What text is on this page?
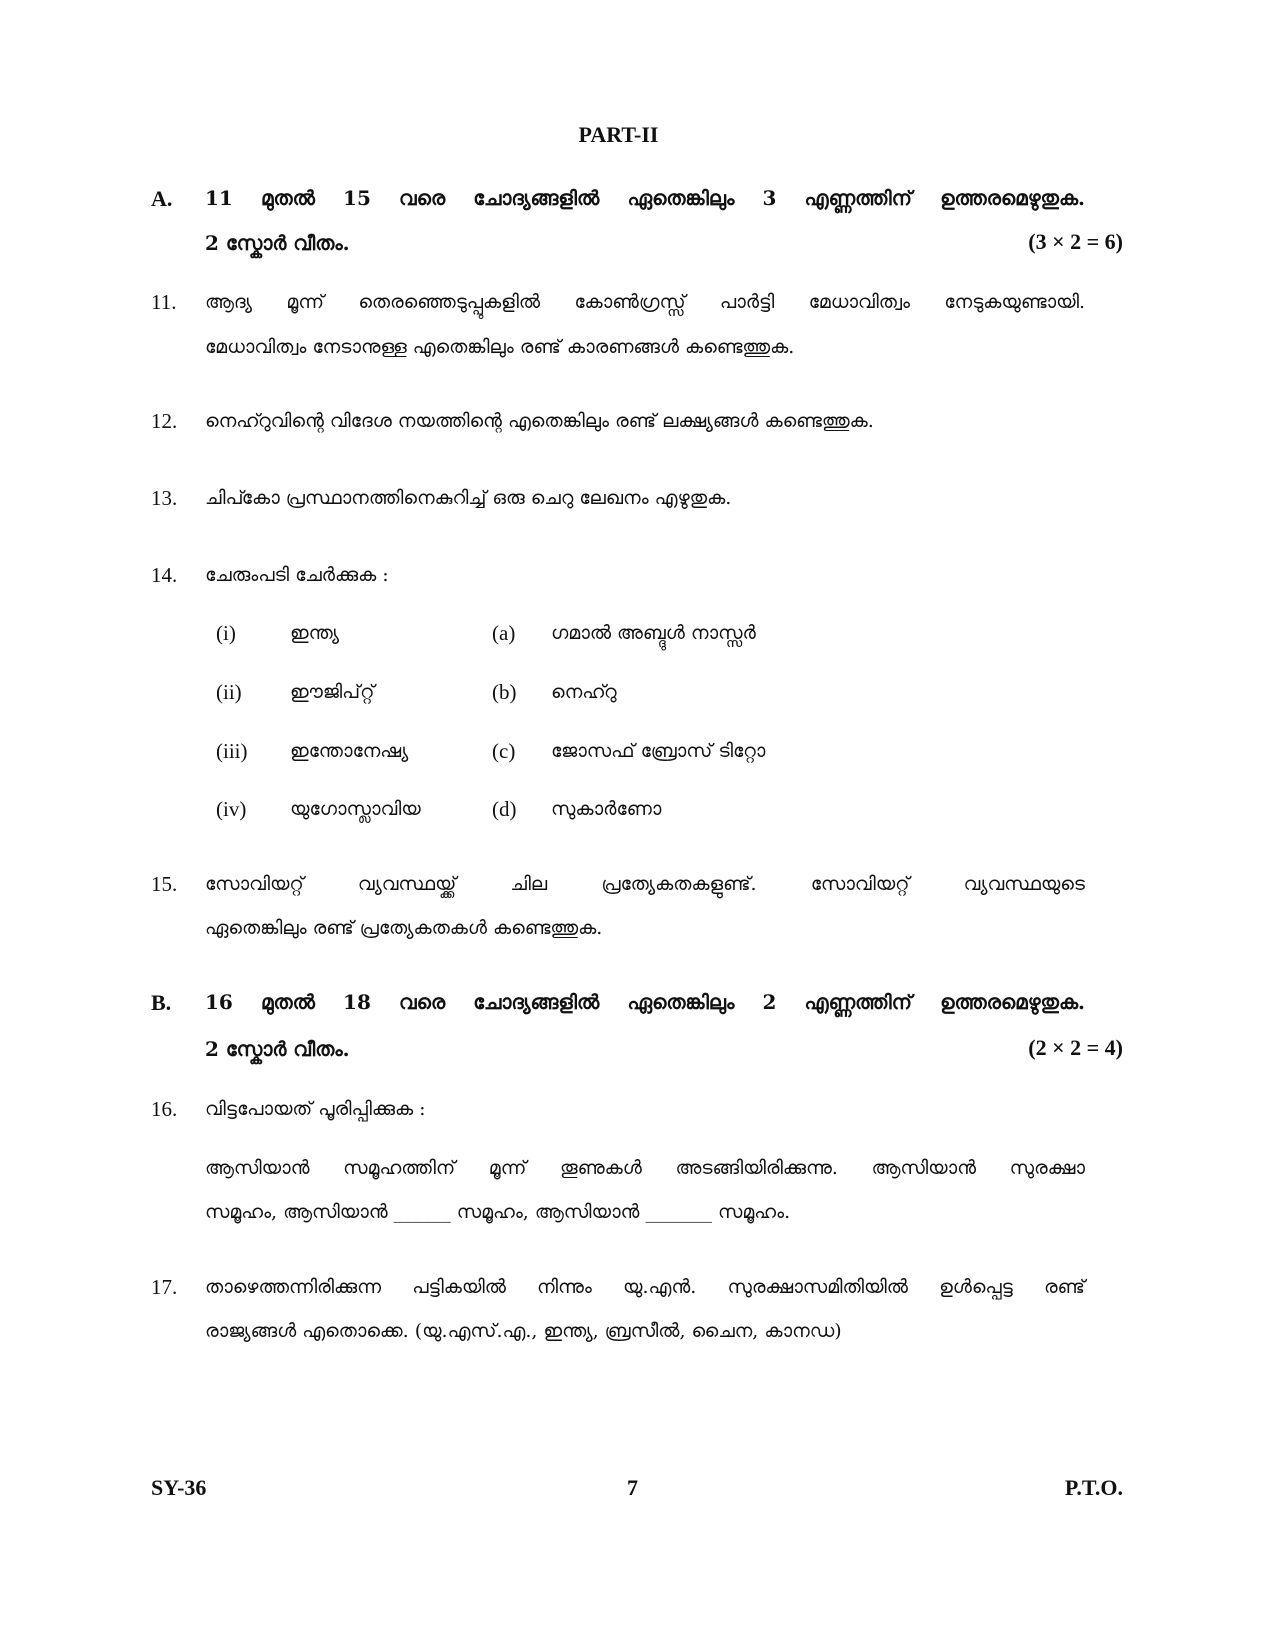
PART-II
A. 11 മുതൽ 15 വരെ ചോദ്യങ്ങളിൽ ഏതെങ്കിലും 3 എണ്ണത്തിന് ഉത്തരമെഴുതുക.
2 സ്കോർ വീതം.	(3 × 2 = 6)
11. ആദ്യ മൂന്ന് തെരഞ്ഞെടുപ്പുകളിൽ കോൺഗ്രസ്സ് പാർട്ടി മേധാവിത്വം നേടുകയുണ്ടായി.
മേധാവിത്വം നേടാനുള്ള എതെങ്കിലും രണ്ട് കാരണങ്ങൾ കണ്ടെത്തുക.
12. നെഹ്റുവിന്റെ വിദേശ നയത്തിന്റെ എതെങ്കിലും രണ്ട് ലക്ഷ്യങ്ങൾ കണ്ടെത്തുക.
13. ചിപ്കോ പ്രസ്ഥാനത്തിനെകുറിച്ച് ഒരു ചെറു ലേഖനം എഴുതുക.
14. ചേരുംപടി ചേർക്കുക :
(i)	ഇന്ത്യ	(a) ഗമാൽ അബ്ദുൾ നാസ്സർ
(ii)	ഈജിപ്റ്റ്	(b) നെഹ്റു
(iii) ഇന്തോനേഷ്യ	(c) ജോസഫ് ബ്രോസ് ടിറ്റോ
(iv) യുഗോസ്ലാവിയ	(d) സുകാർണോ
15. സോവിയറ്റ് വ്യവസ്ഥയ്ക്ക് ചില പ്രത്യേകതകളുണ്ട്. സോവിയറ്റ് വ്യവസ്ഥയുടെ
ഏതെങ്കിലും രണ്ട് പ്രത്യേകതകൾ കണ്ടെത്തുക.
B. 16 മുതൽ 18 വരെ ചോദ്യങ്ങളിൽ ഏതെങ്കിലും 2 എണ്ണത്തിന് ഉത്തരമെഴുതുക.
2 സ്കോർ വീതം.	(2 × 2 = 4)
16. വിട്ടപോയത് പൂരിപ്പിക്കുക :
ആസിയാൻ സമൂഹത്തിന് മൂന്ന് തൂണുകൾ അടങ്ങിയിരിക്കുന്നു. ആസിയാൻ സുരക്ഷാ
സമൂഹം, ആസിയാൻ ______ സമൂഹം, ആസിയാൻ _______ സമൂഹം.
17. താഴെത്തന്നിരിക്കുന്ന പട്ടികയിൽ നിന്നും യു.എൻ. സുരക്ഷാസമിതിയിൽ ഉൾപ്പെട്ട രണ്ട്
രാജ്യങ്ങൾ എതൊക്കെ. (യു.എസ്.എ., ഇന്ത്യ, ബ്രസീൽ, ചൈന, കാനഡ)
SY-36	7	P.T.O.
